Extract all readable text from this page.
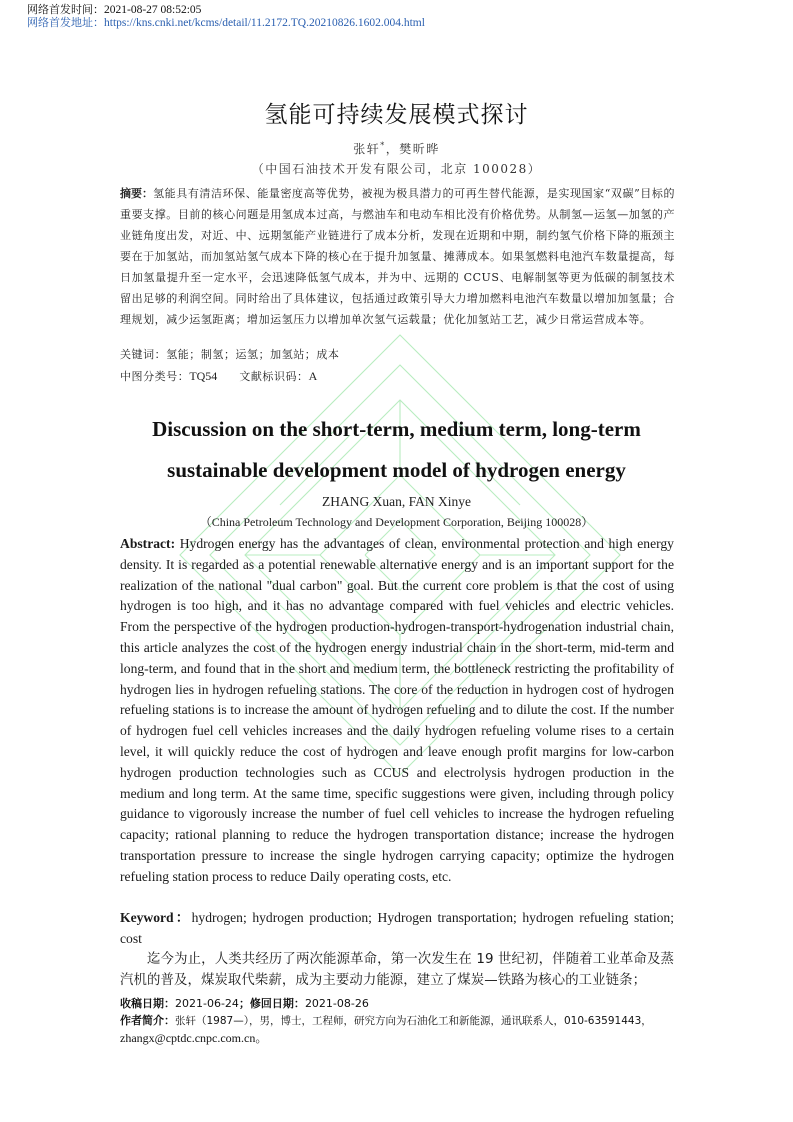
网络首发时间：2021-08-27 08:52:05
网络首发地址：https://kns.cnki.net/kcms/detail/11.2172.TQ.20210826.1602.004.html
氢能可持续发展模式探讨
张轩*，樊昕晔
（中国石油技术开发有限公司，北京 100028）
摘要：氢能具有清洁环保、能量密度高等优势，被视为极具潜力的可再生替代能源，是实现国家“双碳”目标的重要支撑。目前的核心问题是用氢成本过高，与燃油车和电动车相比没有价格优势。从制氢—运氢—加氢的产业链角度出发，对近、中、远期氢能产业链进行了成本分析，发现在近期和中期，制约氢气价格下降的瓶颈主要在于加氢站，而加氢站氢气成本下降的核心在于提升加氢量、摊薄成本。如果氢燃料电池汽车数量提高，每日加氢量提升至一定水平，会迅速降低氢气成本，并为中、远期的 CCUS、电解制氢等更为低碳的制氢技术留出足够的利润空间。同时给出了具体建议，包括通过政策引导大力增加燃料电池汽车数量以增加加氢量；合理规划，减少运氢距离；增加运氢压力以增加单次氢气运载量；优化加氢站工艺，减少日常运营成本等。
关键词：氢能；制氢；运氢；加氢站；成本
中图分类号：TQ54 文献标识码：A
Discussion on the short-term, medium term, long-term
sustainable development model of hydrogen energy
ZHANG Xuan, FAN Xinye
（China Petroleum Technology and Development Corporation, Beijing 100028）
Abstract: Hydrogen energy has the advantages of clean, environmental protection and high energy density. It is regarded as a potential renewable alternative energy and is an important support for the realization of the national "dual carbon" goal. But the current core problem is that the cost of using hydrogen is too high, and it has no advantage compared with fuel vehicles and electric vehicles. From the perspective of the hydrogen production-hydrogen-transport-hydrogenation industrial chain, this article analyzes the cost of the hydrogen energy industrial chain in the short-term, mid-term and long-term, and found that in the short and medium term, the bottleneck restricting the profitability of hydrogen lies in hydrogen refueling stations. The core of the reduction in hydrogen cost of hydrogen refueling stations is to increase the amount of hydrogen refueling and to dilute the cost. If the number of hydrogen fuel cell vehicles increases and the daily hydrogen refueling volume rises to a certain level, it will quickly reduce the cost of hydrogen and leave enough profit margins for low-carbon hydrogen production technologies such as CCUS and electrolysis hydrogen production in the medium and long term. At the same time, specific suggestions were given, including through policy guidance to vigorously increase the number of fuel cell vehicles to increase the hydrogen refueling capacity; rational planning to reduce the hydrogen transportation distance; increase the hydrogen transportation pressure to increase the single hydrogen carrying capacity; optimize the hydrogen refueling station process to reduce Daily operating costs, etc.
Keyword：hydrogen; hydrogen production; Hydrogen transportation; hydrogen refueling station; cost
迄今为止，人类共经历了两次能源革命，第一次发生在 19 世纪初，伴随着工业革命及蒸汽机的普及，煤炭取代柴薪，成为主要动力能源，建立了煤炭—铁路为核心的工业链条；
收稿日期：2021-06-24；修回日期：2021-08-26
作者简介：张轩（1987—），男，博士，工程师，研究方向为石油化工和新能源，通讯联系人，010-63591443，
zhangx@cptdc.cnpc.com.cn。
